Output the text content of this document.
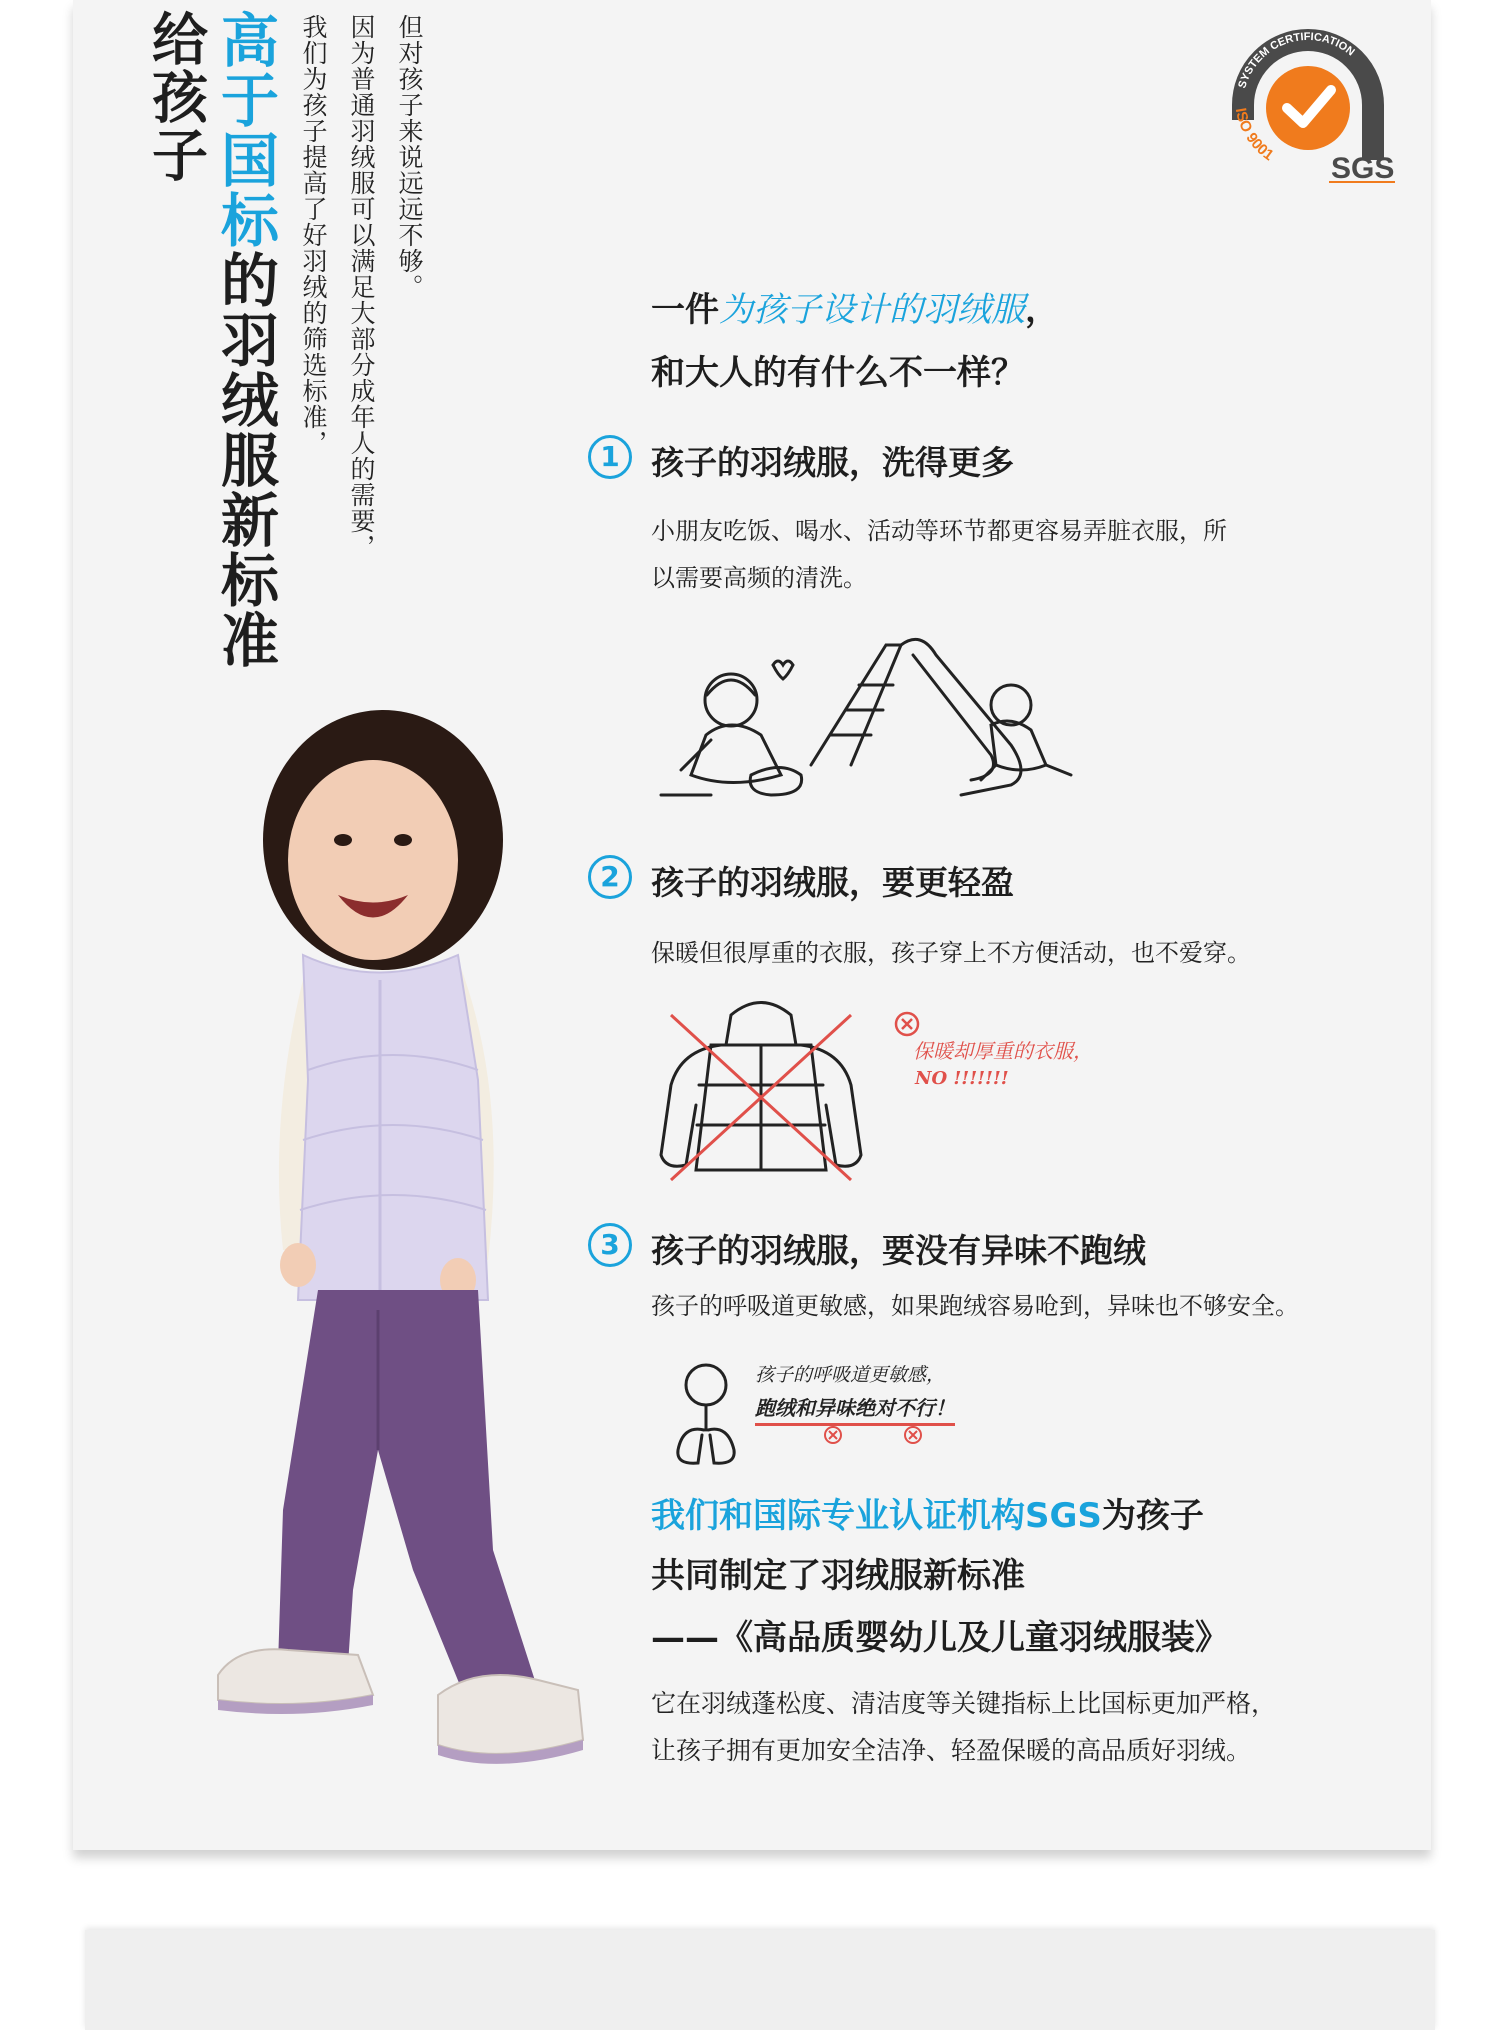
给孩子 高于国标的羽绒服新标准
我们为孩子提高了好羽绒的筛选标准， 因为普通羽绒服可以满足大部分成年人的需要， 但对孩子来说远远不够。	SYSTEM CERTIFICATION
ISO 9001 SGS
一件为孩子设计的羽绒服，
和大人的有什么不一样？
1 孩子的羽绒服，洗得更多
小朋友吃饭、喝水、活动等环节都更容易弄脏衣服，所
以需要高频的清洗。
2 孩子的羽绒服，要更轻盈
保暖但很厚重的衣服，孩子穿上不方便活动，也不爱穿。
保暖却厚重的衣服，
NO !!!!!!!
3 孩子的羽绒服，要没有异味不跑绒
孩子的呼吸道更敏感，如果跑绒容易呛到，异味也不够安全。
孩子的呼吸道更敏感，
跑绒和异味绝对不行！
我们和国际专业认证机构SGS为孩子
共同制定了羽绒服新标准
——《高品质婴幼儿及儿童羽绒服装》
它在羽绒蓬松度、清洁度等关键指标上比国标更加严格，
让孩子拥有更加安全洁净、轻盈保暖的高品质好羽绒。
